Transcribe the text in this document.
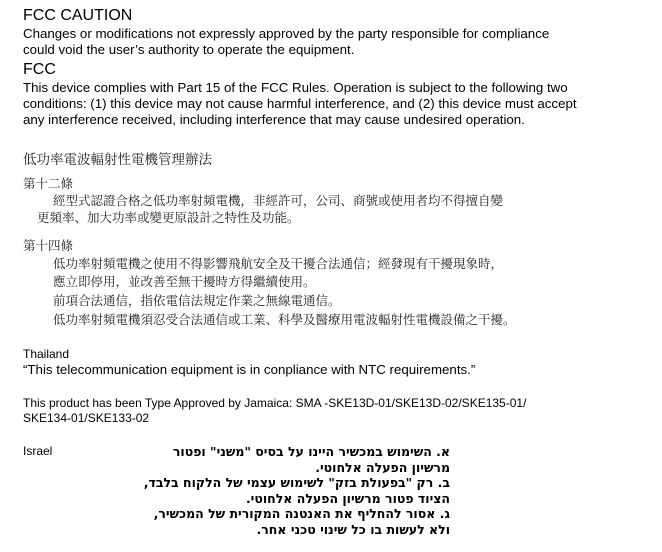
FCC CAUTION
Changes or modifications not expressly approved by the party responsible for compliance
could void the user’s authority to operate the equipment.
FCC
This device complies with Part 15 of the FCC Rules. Operation is subject to the following two
conditions: (1) this device may not cause harmful interference, and (2) this device must accept
any interference received, including interference that may cause undesired operation.
低功率電波輻射性電機管理辦法
第十二條
經型式認證合格之低功率射頻電機，非經許可，公司、商號或使用者均不得擅自變
更頻率、加大功率或變更原設計之特性及功能。
第十四條
低功率射頻電機之使用不得影響飛航安全及干擾合法通信；經發現有干擾現象時，
應立即停用，並改善至無干擾時方得繼續使用。
前項合法通信，指依電信法規定作業之無線電通信。
低功率射頻電機須忍受合法通信或工業、科學及醫療用電波輻射性電機設備之干擾。
Thailand
“This telecommunication equipment is in conpliance with NTC requirements.”
This product has been Type Approved by Jamaica: SMA -SKE13D-01/SKE13D-02/SKE135-01/
SKE134-01/SKE133-02
Israel	א. השימוש במכשיר היינו על בסיס "משני" ופטור
מרשיון הפעלה אלחוטי.
ב. רק "בפעולת בזק" לשימוש עצמי של הלקוח בלבד,
הציוד פטור מרשיון הפעלה אלחוטי.
ג. אסור להחליף את האנטנה המקורית של המכשיר,
ולא לעשות בו כל שינוי טכני אחר.
